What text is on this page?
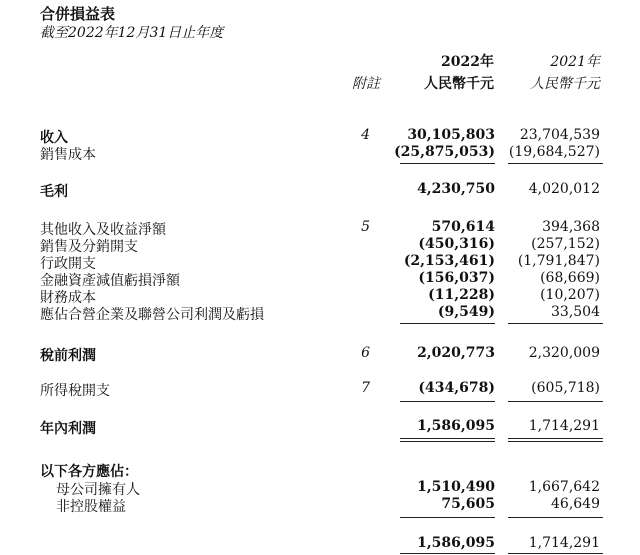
合併損益表
截至2022年12月31日止年度
附註
2022年
人民幣千元
2021年
人民幣千元
收入	4	30,105,803	23,704,539
銷售成本	(25,875,053) (19,684,527)
毛利	4,230,750	4,020,012
其他收入及收益淨額	5	570,614	394,368
銷售及分銷開支	(450,316)	(257,152)
行政開支	(2,153,461)	(1,791,847)
金融資產減值虧損淨額	(156,037)	(68,669)
財務成本	(11,228)	(10,207)
應佔合營企業及聯營公司利潤及虧損	(9,549)	33,504
稅前利潤	6	2,020,773	2,320,009
所得稅開支	7	(434,678)	(605,718)
年內利潤	1,586,095	1,714,291
以下各方應佔：
母公司擁有人	1,510,490	1,667,642
非控股權益	75,605	46,649
1,586,095	1,714,291
